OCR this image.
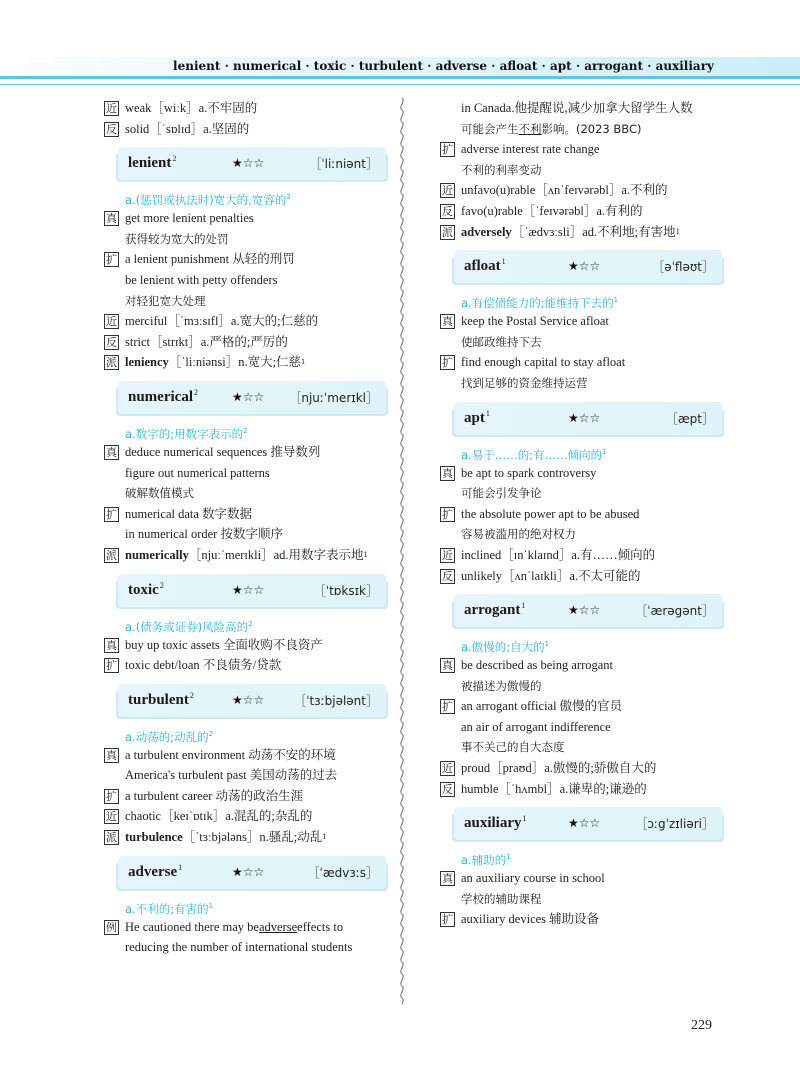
lenient · numerical · toxic · turbulent · adverse · afloat · apt · arrogant · auxiliary
近 weak［wiːk］a.不牢固的
反 solid［ˈsɒlɪd］a.坚固的
lenient$^2$	★☆☆	［ˈliːniənt］
a.(惩罚或执法时)宽大的,宽容的$^2$
真 get more lenient penalties
获得较为宽大的处罚
扩 a lenient punishment 从轻的刑罚
be lenient with petty offenders
对轻犯宽大处理
近 merciful［ˈmɜːsɪfl］a.宽大的;仁慈的
反 strict［strɪkt］a.严格的;严厉的
派 leniency ［ˈliːniənsi］n.宽大;仁慈 1
numerical$^2$	★☆☆ ［njuːˈmerɪkl］
a.数字的;用数字表示的$^2$
真 deduce numerical sequences 推导数列
figure out numerical patterns
破解数值模式
扩 numerical data 数字数据
in numerical order 按数字顺序
派 numerically ［njuːˈmerɪkli］ad.用数字表示地 1
toxic$^2$	★☆☆	［ˈtɒksɪk］
a.(债务或证券)风险高的$^2$
真 buy up toxic assets 全面收购不良资产
扩 toxic debt/loan 不良债务/贷款
turbulent$^2$	★☆☆ ［ˈtɜːbjələnt］
a.动荡的;动乱的$^2$
真 a turbulent environment 动荡不安的环境
America's turbulent past 美国动荡的过去
扩 a turbulent career 动荡的政治生涯
近 chaotic［keɪˈɒtɪk］a.混乱的;杂乱的
派 turbulence ［ˈtɜːbjələns］n.骚乱;动乱 1
adverse$^1$	★☆☆	［ˈædvɜːs］
a.不利的;有害的$^1$
例 He cautioned there may be adverse effects to
reducing the number of international students
in Canada.他提醒说,减少加拿大留学生人数
可能会产生 不利 影响。(2023 BBC)
扩 adverse interest rate change
不利的利率变动
近 unfavo(u)rable［ʌnˈfeɪvərəbl］a.不利的
反 favo(u)rable［ˈfeɪvərəbl］a.有利的
派 adversely ［ˈædvɜːsli］ad.不利地;有害地 1
afloat$^1$	★☆☆	［əˈfləʊt］
a.有偿债能力的;能维持下去的$^1$
真 keep the Postal Service afloat
使邮政维持下去
扩 find enough capital to stay afloat
找到足够的资金维持运营
apt$^1$	★☆☆	［æpt］
a.易于……的;有……倾向的$^1$
真 be apt to spark controversy
可能会引发争论
扩 the absolute power apt to be abused
容易被滥用的绝对权力
近 inclined［ɪnˈklaɪnd］a.有……倾向的
反 unlikely［ʌnˈlaɪkli］a.不太可能的
arrogant$^1$	★☆☆	［ˈærəgənt］
a.傲慢的;自大的$^1$
真 be described as being arrogant
被描述为傲慢的
扩 an arrogant official 傲慢的官员
an air of arrogant indifference
事不关己的自大态度
近 proud［praʊd］a.傲慢的;骄傲自大的
反 humble［ˈhʌmbl］a.谦卑的;谦逊的
auxiliary$^1$	★☆☆	［ɔːgˈzɪliəri］
a.辅助的$^1$
真 an auxiliary course in school
学校的辅助课程
扩 auxiliary devices 辅助设备
229
